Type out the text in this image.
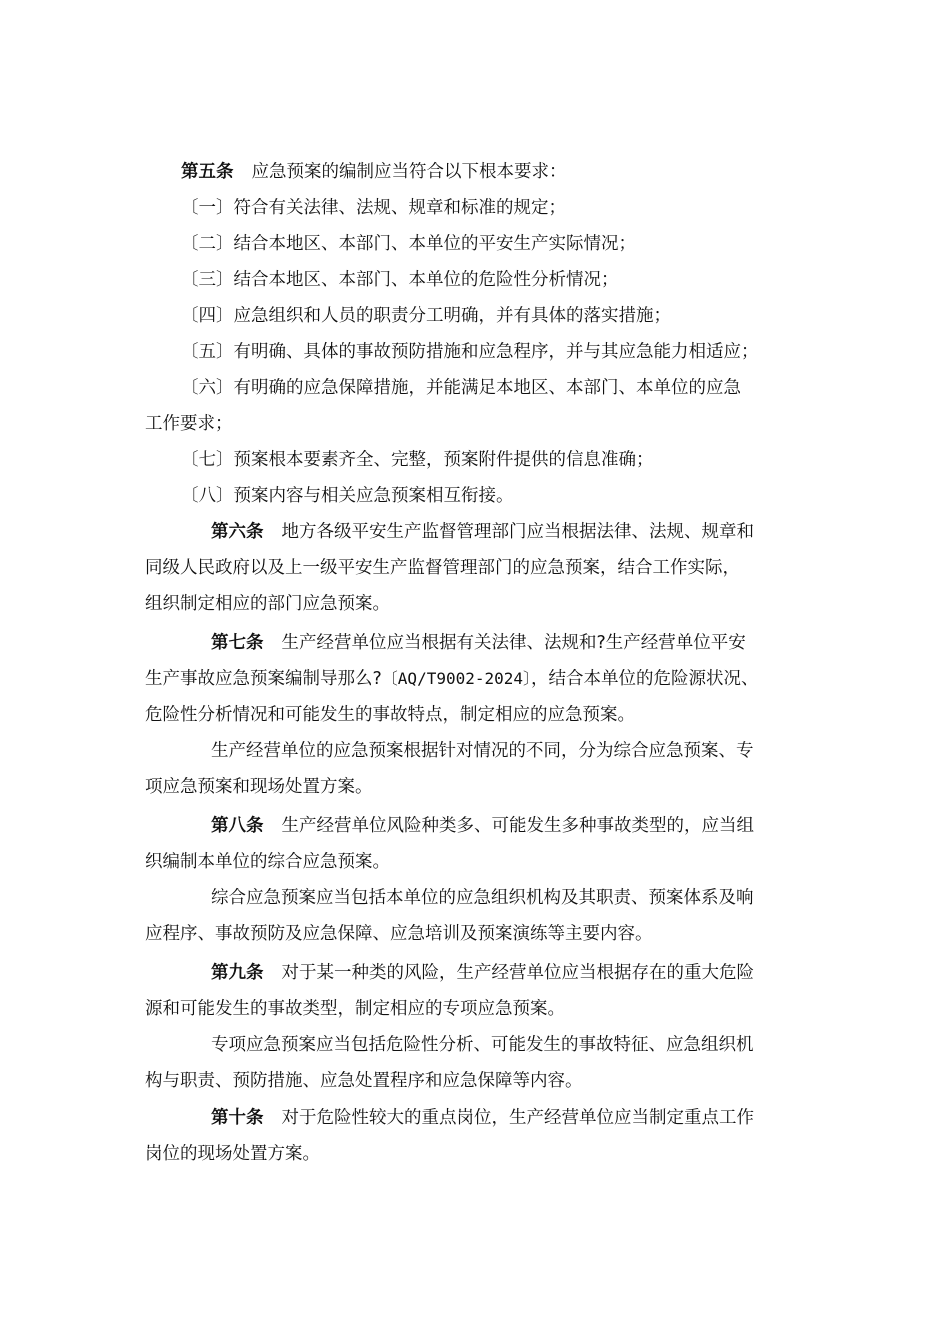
第五条 应急预案的编制应当符合以下根本要求：
〔一〕符合有关法律、法规、规章和标准的规定；
〔二〕结合本地区、本部门、本单位的平安生产实际情况；
〔三〕结合本地区、本部门、本单位的危险性分析情况；
〔四〕应急组织和人员的职责分工明确，并有具体的落实措施；
〔五〕有明确、具体的事故预防措施和应急程序，并与其应急能力相适应；
〔六〕有明确的应急保障措施，并能满足本地区、本部门、本单位的应急
工作要求；
〔七〕预案根本要素齐全、完整，预案附件提供的信息准确；
〔八〕预案内容与相关应急预案相互衔接。
第六条 地方各级平安生产监督管理部门应当根据法律、法规、规章和
同级人民政府以及上一级平安生产监督管理部门的应急预案，结合工作实际，
组织制定相应的部门应急预案。
第七条 生产经营单位应当根据有关法律、法规和?生产经营单位平安
生产事故应急预案编制导那么?〔AQ/T9002-2024〕，结合本单位的危险源状况、
危险性分析情况和可能发生的事故特点，制定相应的应急预案。
生产经营单位的应急预案根据针对情况的不同，分为综合应急预案、专
项应急预案和现场处置方案。
第八条 生产经营单位风险种类多、可能发生多种事故类型的，应当组
织编制本单位的综合应急预案。
综合应急预案应当包括本单位的应急组织机构及其职责、预案体系及响
应程序、事故预防及应急保障、应急培训及预案演练等主要内容。
第九条 对于某一种类的风险，生产经营单位应当根据存在的重大危险
源和可能发生的事故类型，制定相应的专项应急预案。
专项应急预案应当包括危险性分析、可能发生的事故特征、应急组织机
构与职责、预防措施、应急处置程序和应急保障等内容。
第十条 对于危险性较大的重点岗位，生产经营单位应当制定重点工作
岗位的现场处置方案。
